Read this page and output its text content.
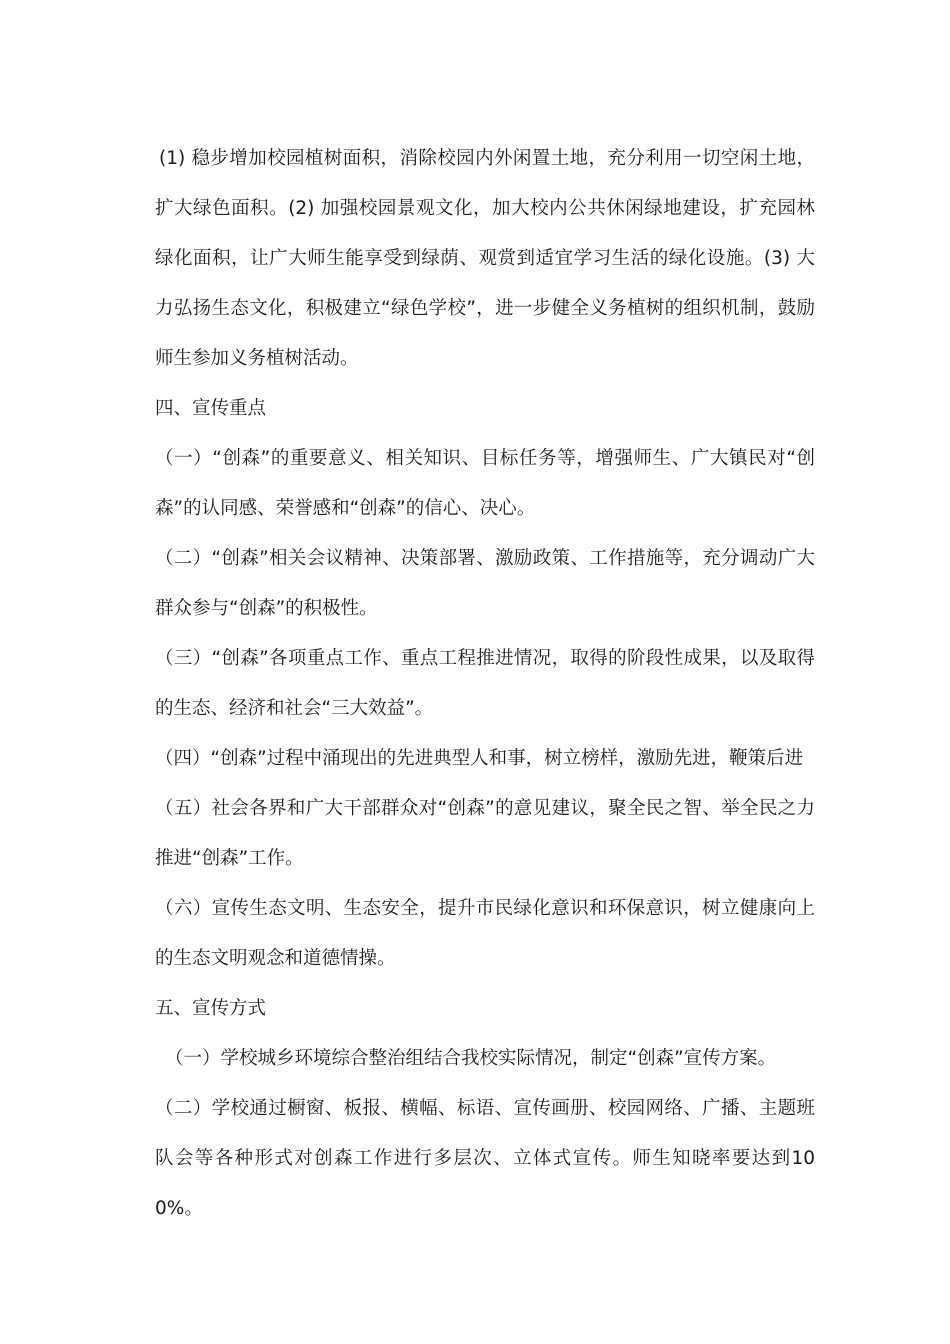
(1) 稳步增加校园植树面积，消除校园内外闲置土地，充分利用一切空闲土地，扩大绿色面积。(2) 加强校园景观文化，加大校内公共休闲绿地建设，扩充园林绿化面积，让广大师生能享受到绿荫、观赏到适宜学习生活的绿化设施。(3) 大力弘扬生态文化，积极建立“绿色学校”，进一步健全义务植树的组织机制，鼓励师生参加义务植树活动。

四、宣传重点

（一）“创森”的重要意义、相关知识、目标任务等，增强师生、广大镇民对“创森”的认同感、荣誉感和“创森”的信心、决心。

（二）“创森”相关会议精神、决策部署、激励政策、工作措施等，充分调动广大群众参与“创森”的积极性。

（三）“创森”各项重点工作、重点工程推进情况，取得的阶段性成果，以及取得的生态、经济和社会“三大效益”。

（四）“创森”过程中涌现出的先进典型人和事，树立榜样，激励先进，鞭策后进

（五）社会各界和广大干部群众对“创森”的意见建议，聚全民之智、举全民之力推进“创森”工作。

（六）宣传生态文明、生态安全，提升市民绿化意识和环保意识，树立健康向上的生态文明观念和道德情操。

五、宣传方式

（一）学校城乡环境综合整治组结合我校实际情况，制定“创森”宣传方案。

（二）学校通过橱窗、板报、横幅、标语、宣传画册、校园网络、广播、主题班队会等各种形式对创森工作进行多层次、立体式宣传。师生知晓率要达到100%。
